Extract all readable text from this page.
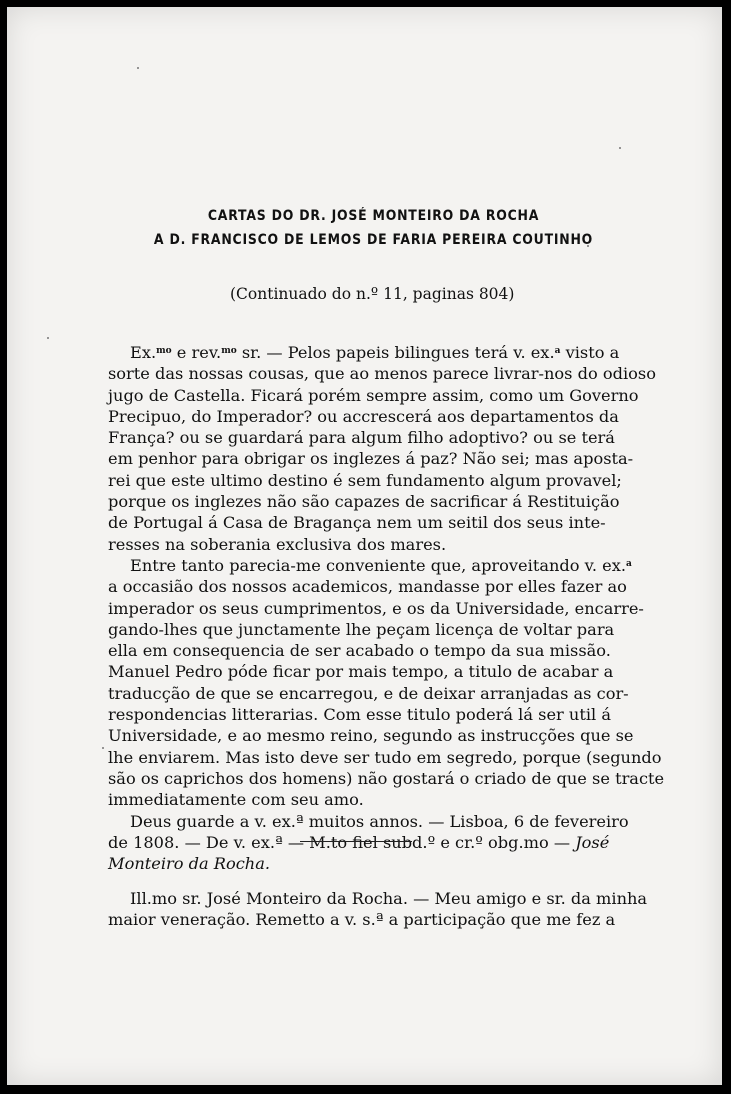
CARTAS DO DR. JOSÉ MONTEIRO DA ROCHA
A D. FRANCISCO DE LEMOS DE FARIA PEREIRA COUTINHO
(Continuado do n.º 11, paginas 804)
Ex.$^{mo}$ e rev.$^{mo}$ sr. — Pelos papeis bilingues terá v. ex.$^a$ visto a
sorte das nossas cousas, que ao menos parece livrar-nos do odioso
jugo de Castella. Ficará porém sempre assim, como um Governo
Precipuo, do Imperador? ou accrescerá aos departamentos da
França? ou se guardará para algum filho adoptivo? ou se terá
em penhor para obrigar os inglezes á paz? Não sei; mas aposta-
rei que este ultimo destino é sem fundamento algum provavel;
porque os inglezes não são capazes de sacrificar á Restituição
de Portugal á Casa de Bragança nem um seitil dos seus inte-
resses na soberania exclusiva dos mares.
Entre tanto parecia-me conveniente que, aproveitando v. ex.$^a$
a occasião dos nossos academicos, mandasse por elles fazer ao
imperador os seus cumprimentos, e os da Universidade, encarre-
gando-lhes que junctamente lhe peçam licença de voltar para
ella em consequencia de ser acabado o tempo da sua missão.
Manuel Pedro póde ficar por mais tempo, a titulo de acabar a
traducção de que se encarregou, e de deixar arranjadas as cor-
respondencias litterarias. Com esse titulo poderá lá ser util á
Universidade, e ao mesmo reino, segundo as instrucções que se
lhe enviarem. Mas isto deve ser tudo em segredo, porque (segundo
são os caprichos dos homens) não gostará o criado de que se tracte
immediatamente com seu amo.
Deus guarde a v. ex.ª muitos annos. — Lisboa, 6 de fevereiro
de 1808. — De v. ex.ª — M.to fiel subd.º e cr.º obg.mo — José
Monteiro da Rocha.
Ill.mo sr. José Monteiro da Rocha. — Meu amigo e sr. da minha
maior veneração. Remetto a v. s.ª a participação que me fez a
